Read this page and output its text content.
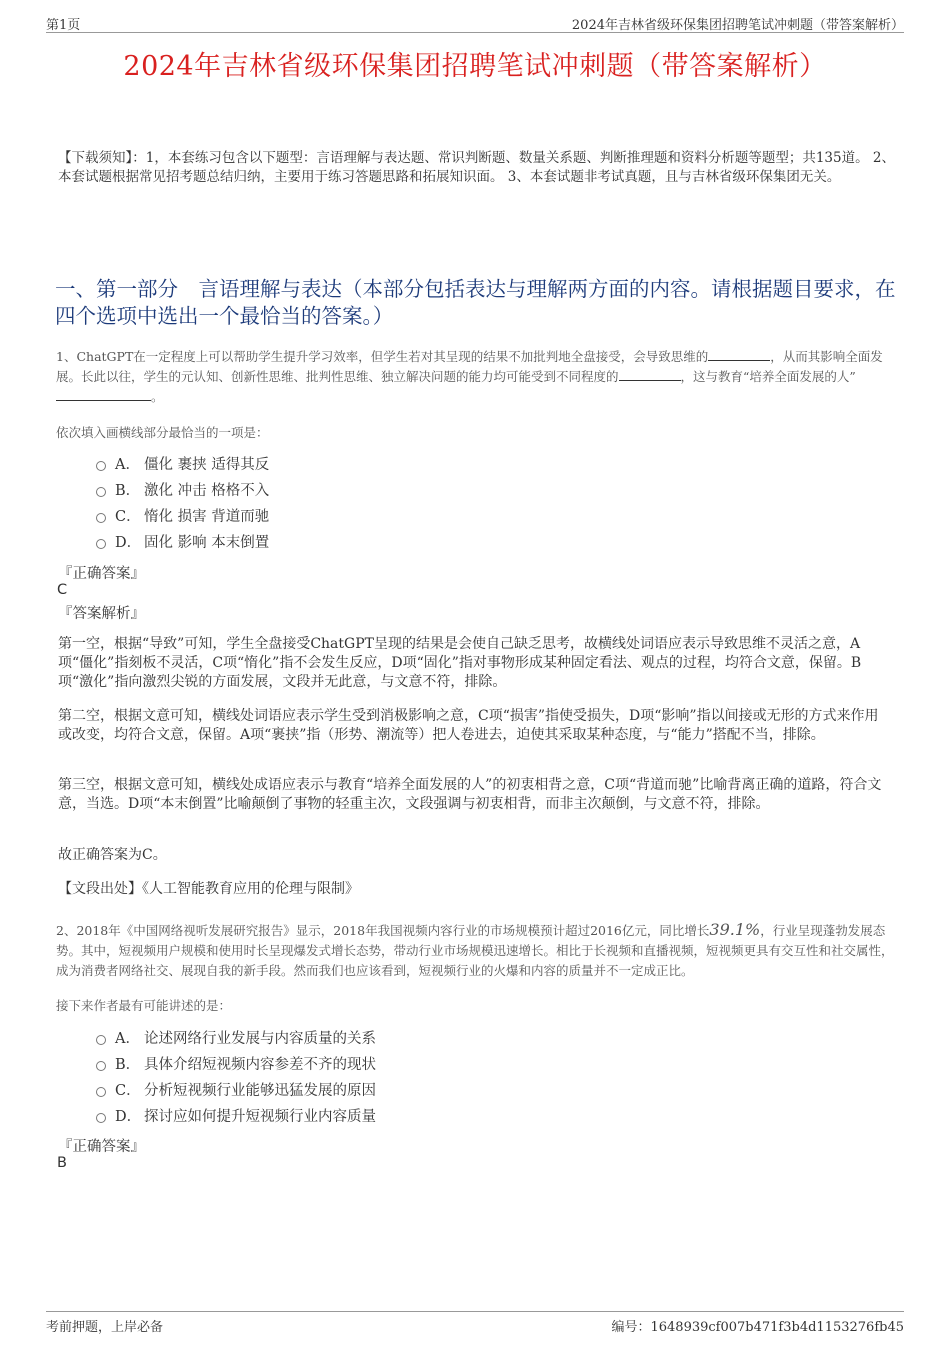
第1页	2024年吉林省级环保集团招聘笔试冲刺题（带答案解析）
2024年吉林省级环保集团招聘笔试冲刺题（带答案解析）
【下载须知】：1，本套练习包含以下题型：言语理解与表达题、常识判断题、数量关系题、判断推理题和资料分析题等题型；共135道。 2、本套试题根据常见招考题总结归纳，主要用于练习答题思路和拓展知识面。 3、本套试题非考试真题，且与吉林省级环保集团无关。
一、第一部分　言语理解与表达（本部分包括表达与理解两方面的内容。请根据题目要求，在四个选项中选出一个最恰当的答案。）
1、ChatGPT在一定程度上可以帮助学生提升学习效率，但学生若对其呈现的结果不加批判地全盘接受，会导致思维的	，从而其影响全面发展。长此以往，学生的元认知、创新性思维、批判性思维、独立解决问题的能力均可能受到不同程度的	，这与教育“培养全面发展的人”。
依次填入画横线部分最恰当的一项是：
A． 僵化 裹挟 适得其反
B． 激化 冲击 格格不入
C． 惰化 损害 背道而驰
D． 固化 影响 本末倒置
『正确答案』
C
『答案解析』
第一空，根据“导致”可知，学生全盘接受ChatGPT呈现的结果是会使自己缺乏思考，故横线处词语应表示导致思维不灵活之意，A项“僵化”指刻板不灵活，C项“惰化”指不会发生反应，D项“固化”指对事物形成某种固定看法、观点的过程，均符合文意，保留。B项“激化”指向激烈尖锐的方面发展，文段并无此意，与文意不符，排除。
第二空，根据文意可知，横线处词语应表示学生受到消极影响之意，C项“损害”指使受损失，D项“影响”指以间接或无形的方式来作用或改变，均符合文意，保留。A项“裹挟”指（形势、潮流等）把人卷进去，迫使其采取某种态度，与“能力”搭配不当，排除。
第三空，根据文意可知，横线处成语应表示与教育“培养全面发展的人”的初衷相背之意，C项“背道而驰”比喻背离正确的道路，符合文意，当选。D项“本末倒置”比喻颠倒了事物的轻重主次，文段强调与初衷相背，而非主次颠倒，与文意不符，排除。
故正确答案为C。
【文段出处】《人工智能教育应用的伦理与限制》
2、2018年《中国网络视听发展研究报告》显示，2018年我国视频内容行业的市场规模预计超过2016亿元，同比增长39.1%，行业呈现蓬勃发展态势。其中，短视频用户规模和使用时长呈现爆发式增长态势，带动行业市场规模迅速增长。相比于长视频和直播视频，短视频更具有交互性和社交属性，成为消费者网络社交、展现自我的新手段。然而我们也应该看到，短视频行业的火爆和内容的质量并不一定成正比。
接下来作者最有可能讲述的是：
A． 论述网络行业发展与内容质量的关系
B． 具体介绍短视频内容参差不齐的现状
C． 分析短视频行业能够迅猛发展的原因
D． 探讨应如何提升短视频行业内容质量
『正确答案』
B
考前押题，上岸必备	编号：1648939cf007b471f3b4d1153276fb45
